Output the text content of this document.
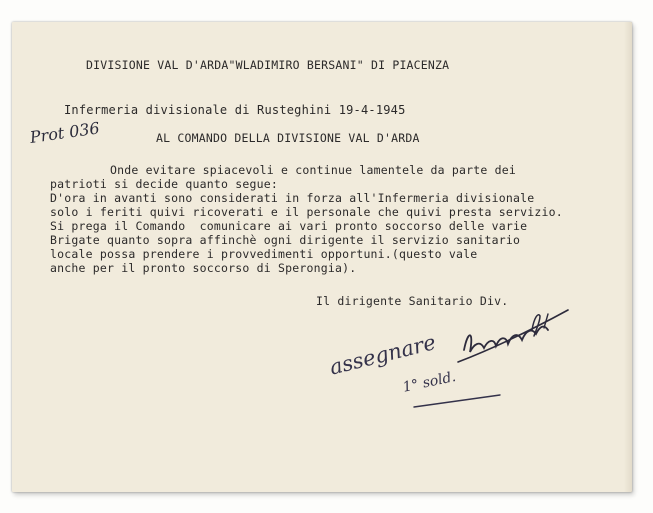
DIVISIONE VAL D'ARDA"WLADIMIRO BERSANI" DI PIACENZA
Infermeria divisionale di Rusteghini 19-4-1945
Prot 036	AL COMANDO DELLA DIVISIONE VAL D'ARDA
Onde evitare spiacevoli e continue lamentele da parte dei
patrioti si decide quanto segue:
D'ora in avanti sono considerati in forza all'Infermeria divisionale
solo i feriti quivi ricoverati e il personale che quivi presta servizio.
Si prega il Comando  comunicare ai vari pronto soccorso delle varie
Brigate quanto sopra affinchè ogni dirigente il servizio sanitario
locale possa prendere i provvedimenti opportuni.(questo vale
anche per il pronto soccorso di Sperongia).
Il dirigente Sanitario Div.
assegnare
1° sold.
